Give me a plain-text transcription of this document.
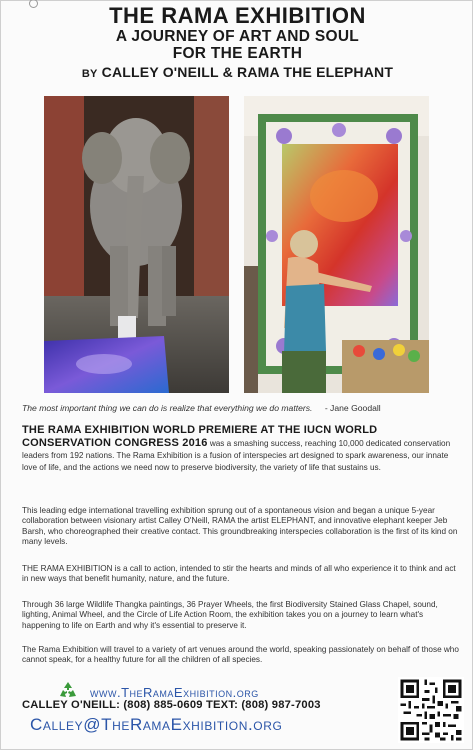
THE RAMA EXHIBITION
A JOURNEY OF ART AND SOUL
FOR THE EARTH
BY CALLEY O'NEILL & RAMA THE ELEPHANT
The most important thing we can do is realize that everything we do matters. - Jane Goodall
THE RAMA EXHIBITION WORLD PREMIERE AT THE IUCN WORLD CONSERVATION CONGRESS 2016 was a smashing success, reaching 10,000 dedicated conservation leaders from 192 nations. The Rama Exhibition is a fusion of interspecies art designed to spark awareness, our innate love of life, and the actions we need now to preserve biodiversity, the variety of life that sustains us.
This leading edge international travelling exhibition sprung out of a spontaneous vision and began a unique 5-year collaboration between visionary artist Calley O'Neill, RAMA the artist ELEPHANT, and innovative elephant keeper Jeb Barsh, who choreographed their creative contact. This groundbreaking interspecies collaboration is the first of its kind on many levels.
THE RAMA EXHIBITION is a call to action, intended to stir the hearts and minds of all who experience it to think and act in new ways that benefit humanity, nature, and the future.
Through 36 large Wildlife Thangka paintings, 36 Prayer Wheels, the first Biodiversity Stained Glass Chapel, sound, lighting, Animal Wheel, and the Circle of Life Action Room, the exhibition takes you on a journey to learn what's happening to life on Earth and why it's essential to preserve it.
The Rama Exhibition will travel to a variety of art venues around the world, speaking passionately on behalf of those who cannot speak, for a healthy future for all the children of all species.
www.TheRamaExhibition.org
CALLEY O'NEILL: (808) 885-0609 TEXT: (808) 987-7003
Calley@TheRamaExhibition.org
